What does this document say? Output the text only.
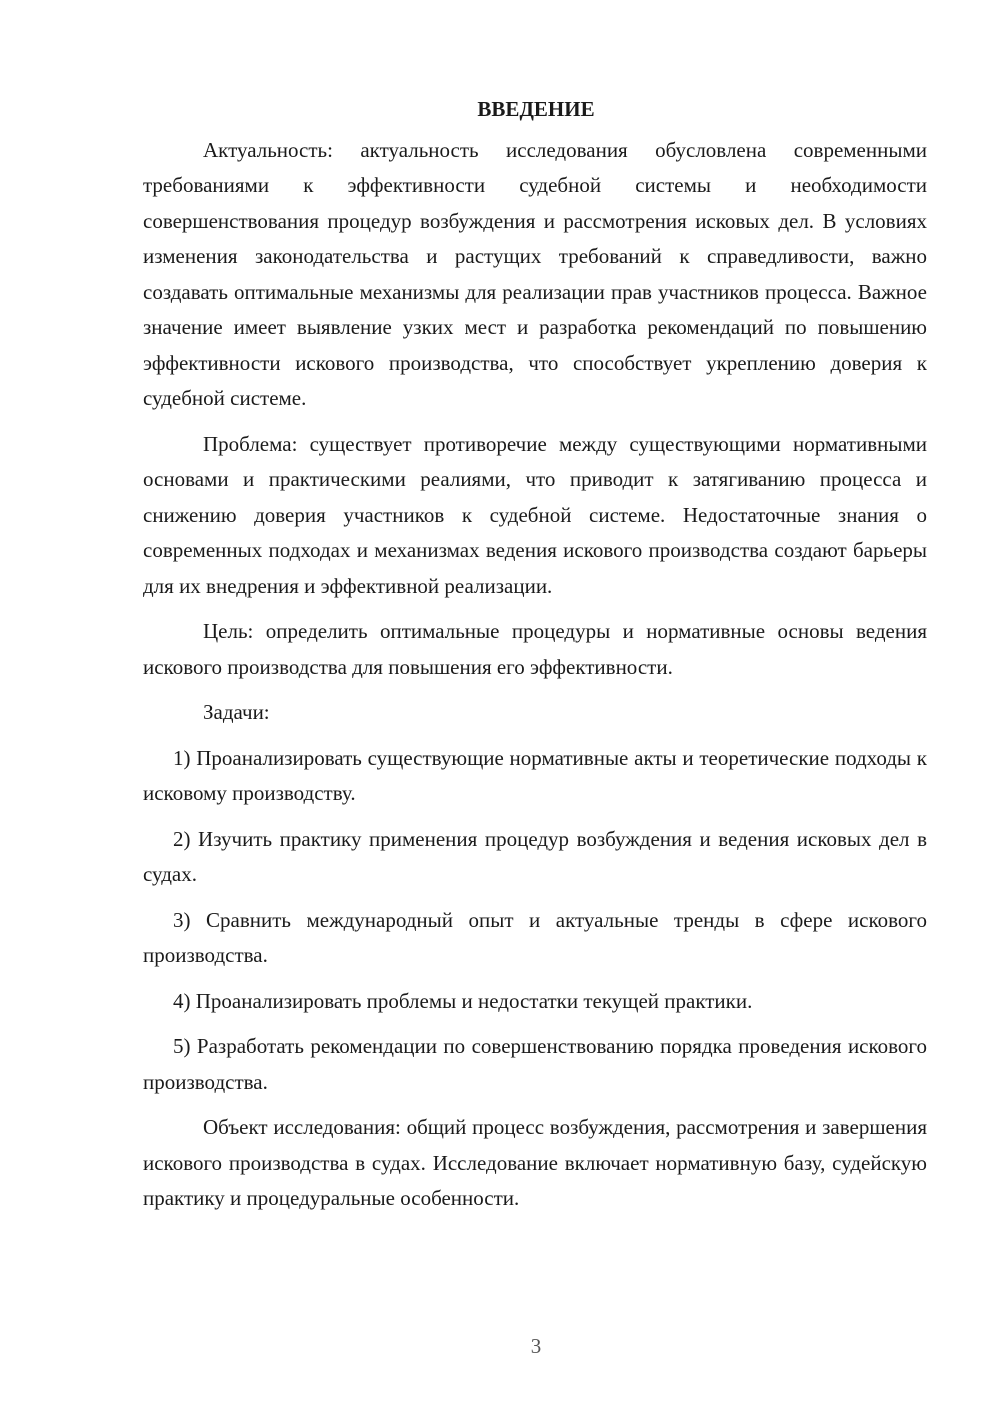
ВВЕДЕНИЕ

Актуальность: актуальность исследования обусловлена современными требованиями к эффективности судебной системы и необходимости совершенствования процедур возбуждения и рассмотрения исковых дел. В условиях изменения законодательства и растущих требований к справедливости, важно создавать оптимальные механизмы для реализации прав участников процесса. Важное значение имеет выявление узких мест и разработка рекомендаций по повышению эффективности искового производства, что способствует укреплению доверия к судебной системе.

Проблема: существует противоречие между существующими нормативными основами и практическими реалиями, что приводит к затягиванию процесса и снижению доверия участников к судебной системе. Недостаточные знания о современных подходах и механизмах ведения искового производства создают барьеры для их внедрения и эффективной реализации.

Цель: определить оптимальные процедуры и нормативные основы ведения искового производства для повышения его эффективности.

Задачи:

1) Проанализировать существующие нормативные акты и теоретические подходы к исковому производству.

2) Изучить практику применения процедур возбуждения и ведения исковых дел в судах.

3) Сравнить международный опыт и актуальные тренды в сфере искового производства.

4) Проанализировать проблемы и недостатки текущей практики.

5) Разработать рекомендации по совершенствованию порядка проведения искового производства.

Объект исследования: общий процесс возбуждения, рассмотрения и завершения искового производства в судах. Исследование включает нормативную базу, судейскую практику и процедуральные особенности.

3
